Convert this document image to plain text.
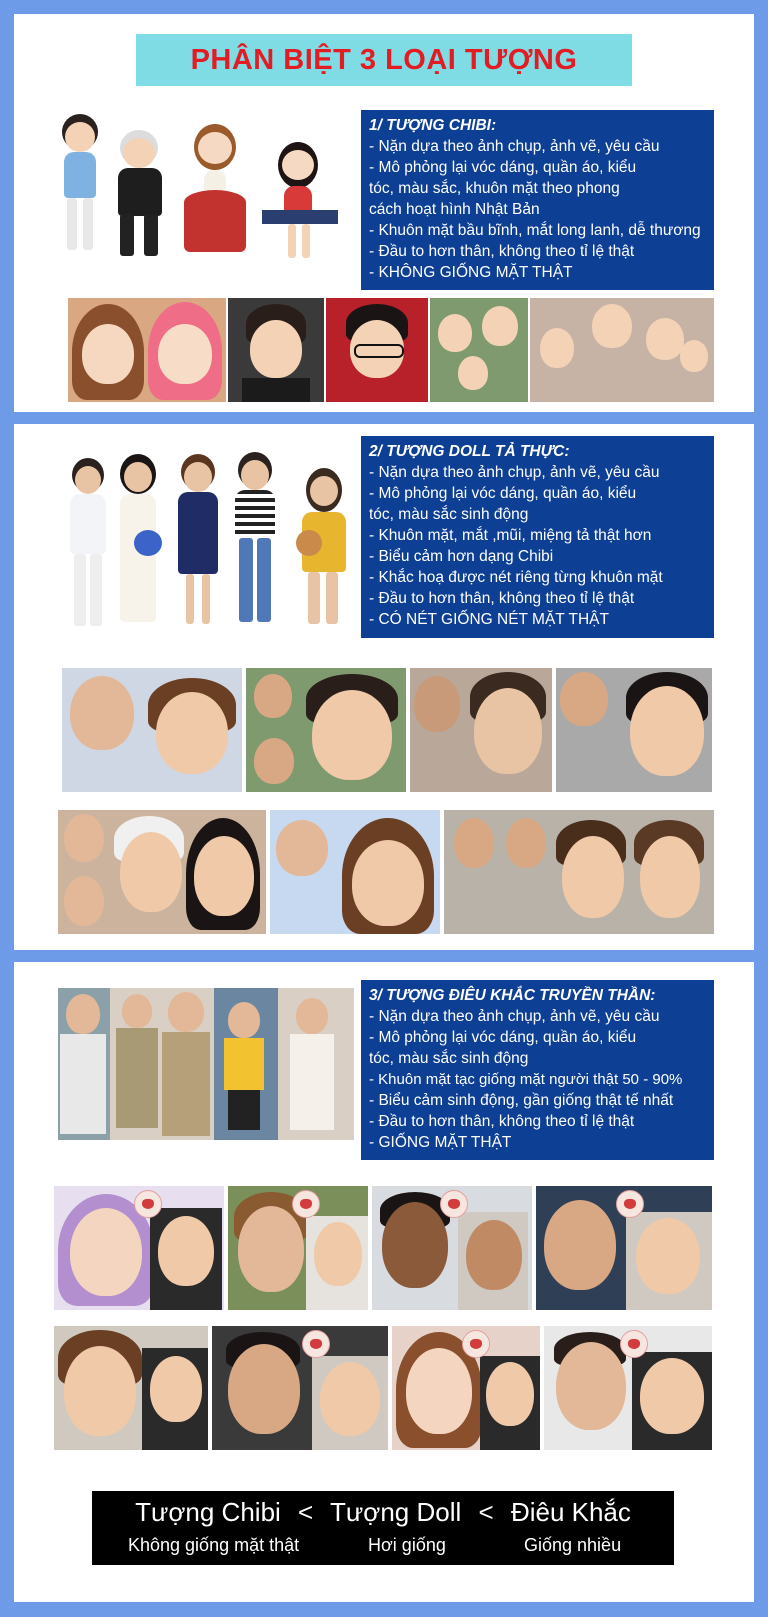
PHÂN BIỆT 3 LOẠI TƯỢNG
1/ TƯỢNG CHIBI:
- Nặn dựa theo ảnh chụp, ảnh vẽ, yêu cầu
- Mô phỏng lại vóc dáng, quần áo, kiểu
tóc, màu sắc, khuôn mặt theo phong
cách hoạt hình Nhật Bản
- Khuôn mặt bầu bĩnh, mắt long lanh, dễ thương
- Đầu to hơn thân, không theo tỉ lệ thật
- KHÔNG GIỐNG MẶT THẬT
2/ TƯỢNG DOLL TẢ THỰC:
- Nặn dựa theo ảnh chụp, ảnh vẽ, yêu cầu
- Mô phỏng lại vóc dáng, quần áo, kiểu
tóc, màu sắc sinh động
- Khuôn mặt, mắt ,mũi, miệng tả thật hơn
- Biểu cảm hơn dạng Chibi
- Khắc hoạ được nét riêng từng khuôn mặt
- Đầu to hơn thân, không theo tỉ lệ thật
- CÓ NÉT GIỐNG NÉT MẶT THẬT
3/ TƯỢNG ĐIÊU KHẮC TRUYỀN THẦN:
- Nặn dựa theo ảnh chụp, ảnh vẽ, yêu cầu
- Mô phỏng lại vóc dáng, quần áo, kiểu
tóc, màu sắc sinh động
- Khuôn mặt tạc giống mặt người thật 50 - 90%
- Biểu cảm sinh động, gần giống thật tế nhất
- Đầu to hơn thân, không theo tỉ lệ thật
- GIỐNG MẶT THẬT
Tượng Chibi < Tượng Doll < Điêu Khắc
Không giống mặt thật	Hơi giống	Giống nhiều
